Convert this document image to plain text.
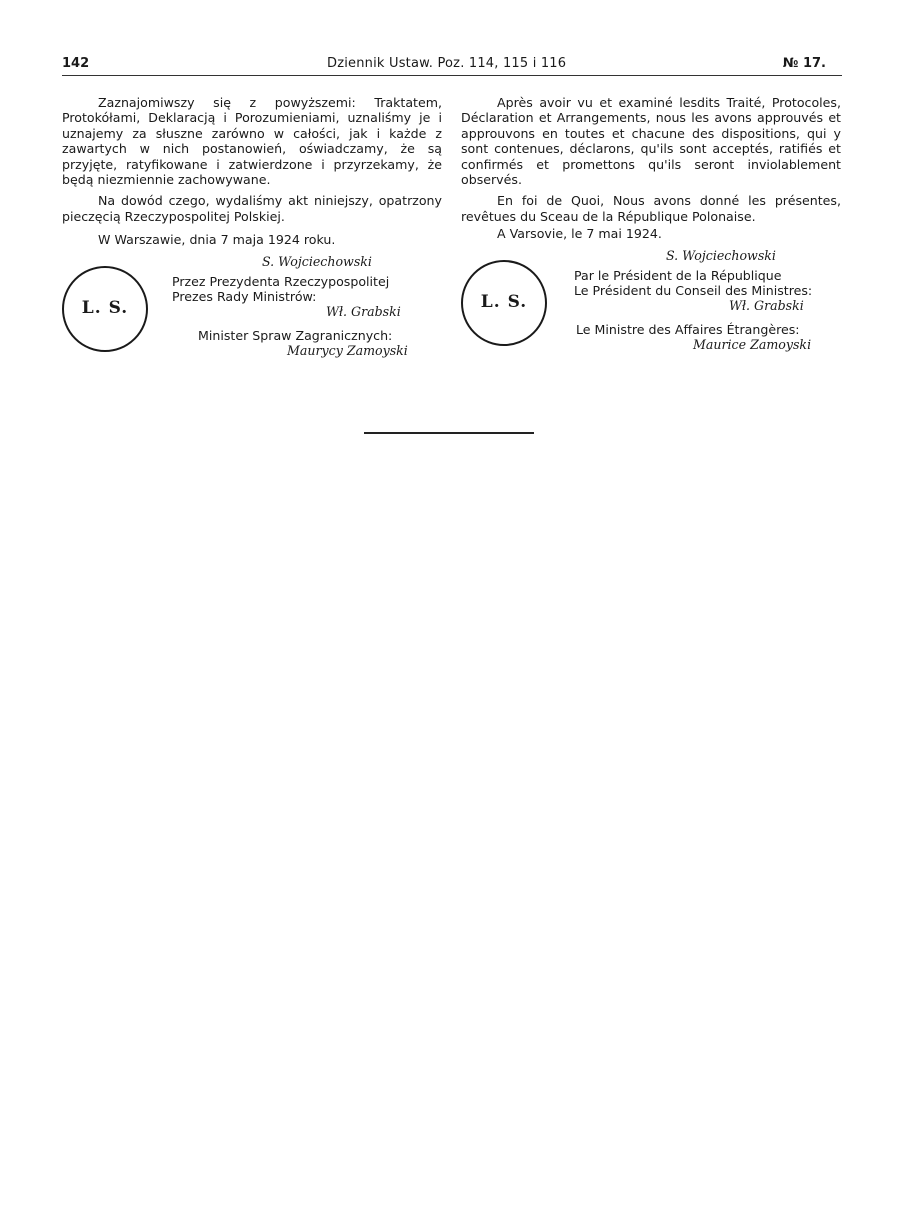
142	Dziennik Ustaw. Poz. 114, 115 i 116	№ 17.

Zaznajomiwszy się z powyższemi: Traktatem, Protokółami, Deklaracją i Porozumieniami, uznaliśmy je i uznajemy za słuszne zarówno w całości, jak i każde z zawartych w nich postanowień, oświadczamy, że są przyjęte, ratyfikowane i zatwierdzone i przyrzekamy, że będą niezmiennie zachowywane.

Na dowód czego, wydaliśmy akt niniejszy, opatrzony pieczęcią Rzeczypospolitej Polskiej.

W Warszawie, dnia 7 maja 1924 roku.

S. Wojciechowski
L. S.
Przez Prezydenta Rzeczypospolitej
Prezes Rady Ministrów:
Wł. Grabski
Minister Spraw Zagranicznych:
Maurycy Zamoyski

Après avoir vu et examiné lesdits Traité, Protocoles, Déclaration et Arrangements, nous les avons approuvés et approuvons en toutes et chacune des dispositions, qui y sont contenues, déclarons, qu'ils sont acceptés, ratifiés et confirmés et promettons qu'ils seront inviolablement observés.

En foi de Quoi, Nous avons donné les présentes, revêtues du Sceau de la République Polonaise.

A Varsovie, le 7 mai 1924.

S. Wojciechowski
L. S.
Par le Président de la République
Le Président du Conseil des Ministres:
Wł. Grabski
Le Ministre des Affaires Étrangères:
Maurice Zamoyski
